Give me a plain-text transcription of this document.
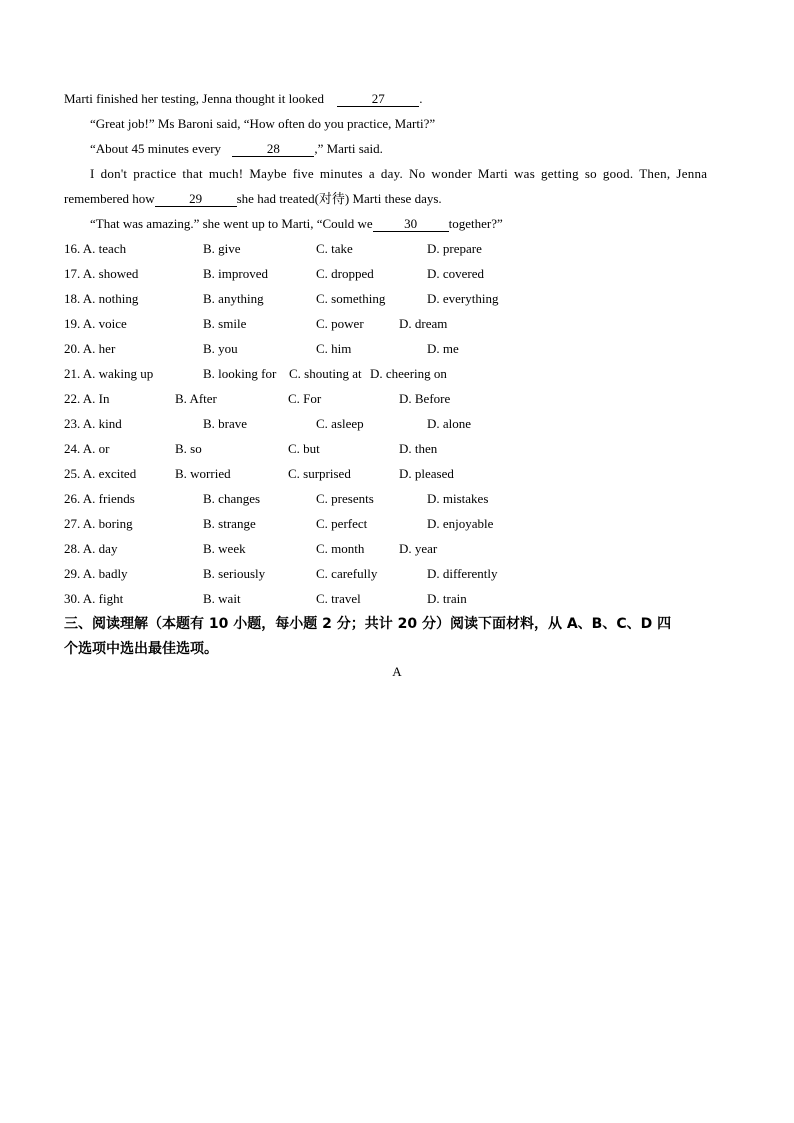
Marti finished her testing, Jenna thought it looked	27	.
“Great job!” Ms Baroni said, “How often do you practice, Marti?”
“About 45 minutes every	28	,” Marti said.
I don't practice that much! Maybe five minutes a day. No wonder Marti was getting so good. Then, Jenna
remembered how	29	she had treated(对待) Marti these days.
“That was amazing.” she went up to Marti, “Could we 30 together?”
16. A. teach	B. give	C. take	D. prepare
17. A. showed	B. improved	C. dropped	D. covered
18. A. nothing	B. anything	C. something	D. everything
19. A. voice	B. smile	C. power	D. dream
20. A. her	B. you	C. him	D. me
21. A. waking up	B. looking for C. shouting at D. cheering on
22. A. In	B. After	C. For	D. Before
23. A. kind	B. brave	C. asleep	D. alone
24. A. or	B. so	C. but	D. then
25. A. excited	B. worried	C. surprised	D. pleased
26. A. friends	B. changes	C. presents	D. mistakes
27. A. boring	B. strange	C. perfect	D. enjoyable
28. A. day	B. week	C. month	D. year
29. A. badly	B. seriously	C. carefully	D. differently
30. A. fight	B. wait	C. travel	D. train
三、阅读理解（本题有 10 小题，每小题 2 分；共计 20 分）阅读下面材料，从 A、B、C、D 四
个选项中选出最佳选项。
A
